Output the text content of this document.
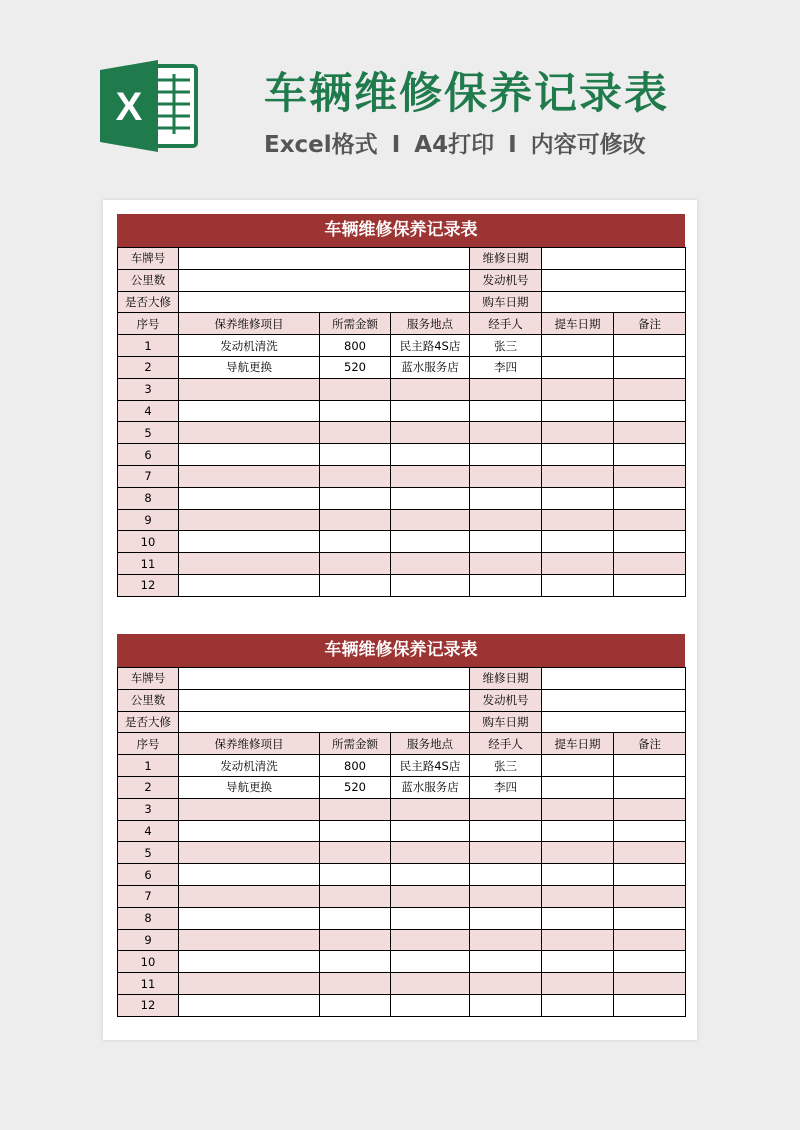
X	车辆维修保养记录表
Excel格式 I A4打印 I 内容可修改
车辆维修保养记录表
车牌号				维修日期		
公里数				发动机号		
是否大修				购车日期		
序号	保养维修项目	所需金额	服务地点	经手人	提车日期	备注
1	发动机清洗	800	民主路4S店	张三		
2	导航更换	520	蓝水服务店	李四		
3						
4						
5						
6						
7						
8						
9						
10						
11						
12						
车辆维修保养记录表
车牌号				维修日期		
公里数				发动机号		
是否大修				购车日期		
序号	保养维修项目	所需金额	服务地点	经手人	提车日期	备注
1	发动机清洗	800	民主路4S店	张三		
2	导航更换	520	蓝水服务店	李四		
3						
4						
5						
6						
7						
8						
9						
10						
11						
12						
